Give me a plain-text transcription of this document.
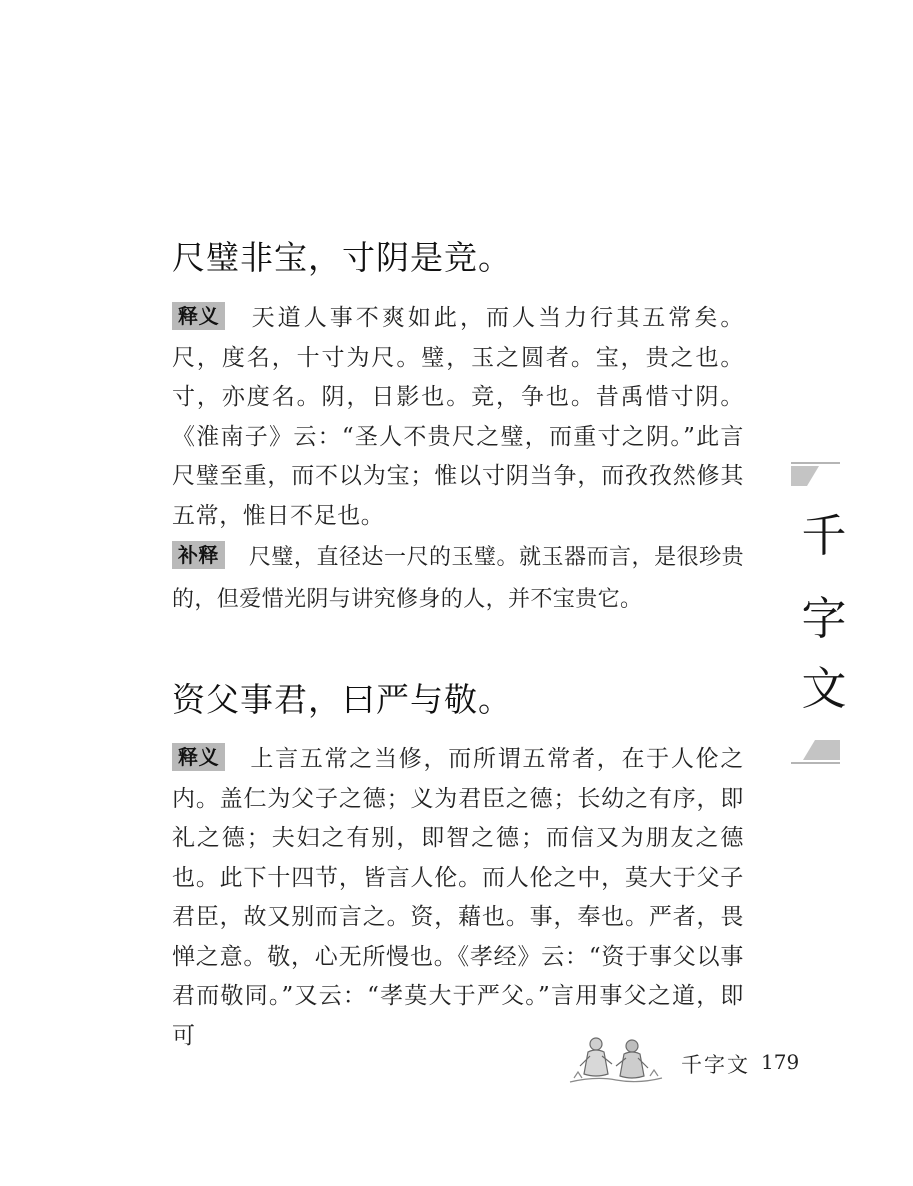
尺璧非宝，寸阴是竞。
释义 天道人事不爽如此，而人当力行其五常矣。尺，度名，十寸为尺。璧，玉之圆者。宝，贵之也。寸，亦度名。阴，日影也。竞，争也。昔禹惜寸阴。《淮南子》云：“圣人不贵尺之璧，而重寸之阴。”此言尺璧至重，而不以为宝；惟以寸阴当争，而孜孜然修其五常，惟日不足也。
补释 尺璧，直径达一尺的玉璧。就玉器而言，是很珍贵的，但爱惜光阴与讲究修身的人，并不宝贵它。
资父事君，曰严与敬。
释义 上言五常之当修，而所谓五常者，在于人伦之内。盖仁为父子之德；义为君臣之德；长幼之有序，即礼之德；夫妇之有别，即智之德；而信又为朋友之德也。此下十四节，皆言人伦。而人伦之中，莫大于父子君臣，故又别而言之。资，藉也。事，奉也。严者，畏惮之意。敬，心无所慢也。《孝经》云：“资于事父以事君而敬同。”又云：“孝莫大于严父。”言用事父之道，即可
千
字
文
千字文 179
